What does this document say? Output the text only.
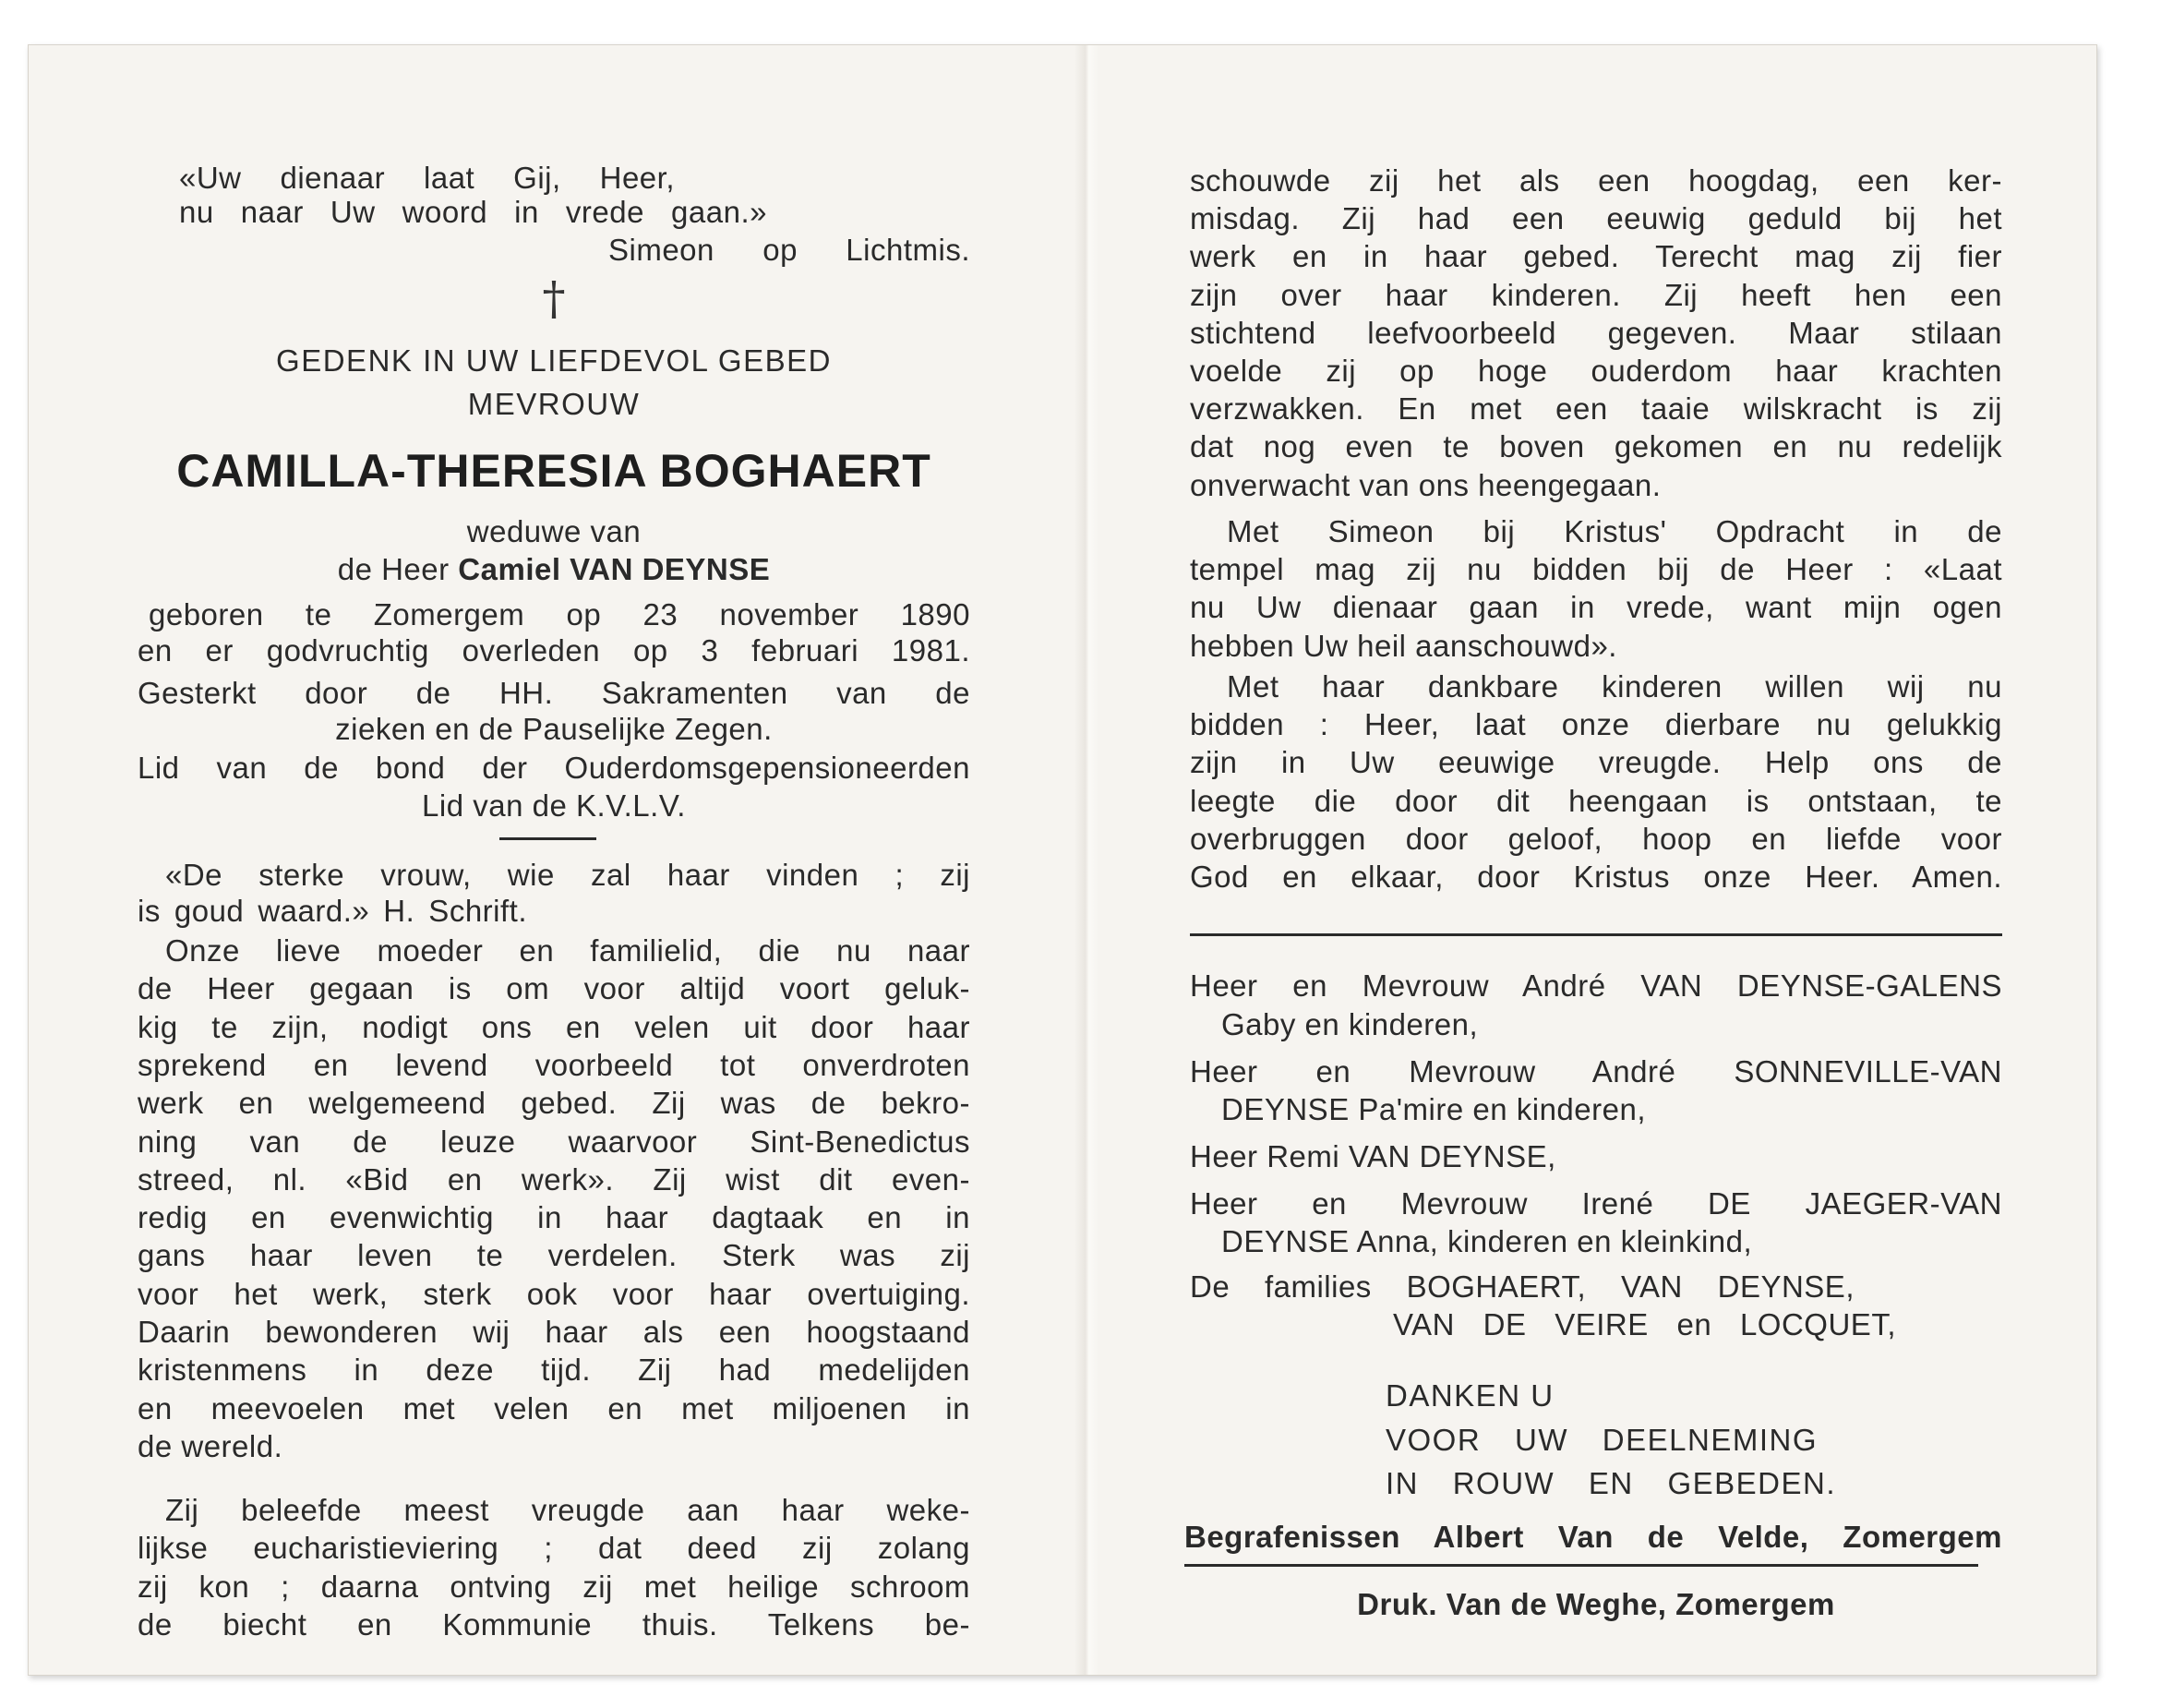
«Uw dienaar laat Gij, Heer,
nu naar Uw woord in vrede gaan.»
Simeon op Lichtmis.
†
GEDENK IN UW LIEFDEVOL GEBED
MEVROUW
CAMILLA-THERESIA BOGHAERT
weduwe van
de Heer Camiel VAN DEYNSE
geboren te Zomergem op 23 november 1890
en er godvruchtig overleden op 3 februari 1981.
Gesterkt door de HH. Sakramenten van de
zieken en de Pauselijke Zegen.
Lid van de bond der Ouderdomsgepensioneerden
Lid van de K.V.L.V.
«De sterke vrouw, wie zal haar vinden ; zij
is goud waard.» H. Schrift.
Onze lieve moeder en familielid, die nu naar
de Heer gegaan is om voor altijd voort geluk-
kig te zijn, nodigt ons en velen uit door haar
sprekend en levend voorbeeld tot onverdroten
werk en welgemeend gebed. Zij was de bekro-
ning van de leuze waarvoor Sint-Benedictus
streed, nl. «Bid en werk». Zij wist dit even-
redig en evenwichtig in haar dagtaak en in
gans haar leven te verdelen. Sterk was zij
voor het werk, sterk ook voor haar overtuiging.
Daarin bewonderen wij haar als een hoogstaand
kristenmens in deze tijd. Zij had medelijden
en meevoelen met velen en met miljoenen in
de wereld.
Zij beleefde meest vreugde aan haar weke-
lijkse eucharistieviering ; dat deed zij zolang
zij kon ; daarna ontving zij met heilige schroom
de biecht en Kommunie thuis. Telkens be-
schouwde zij het als een hoogdag, een ker-
misdag. Zij had een eeuwig geduld bij het
werk en in haar gebed. Terecht mag zij fier
zijn over haar kinderen. Zij heeft hen een
stichtend leefvoorbeeld gegeven. Maar stilaan
voelde zij op hoge ouderdom haar krachten
verzwakken. En met een taaie wilskracht is zij
dat nog even te boven gekomen en nu redelijk
onverwacht van ons heengegaan.
Met Simeon bij Kristus' Opdracht in de
tempel mag zij nu bidden bij de Heer : «Laat
nu Uw dienaar gaan in vrede, want mijn ogen
hebben Uw heil aanschouwd».
Met haar dankbare kinderen willen wij nu
bidden : Heer, laat onze dierbare nu gelukkig
zijn in Uw eeuwige vreugde. Help ons de
leegte die door dit heengaan is ontstaan, te
overbruggen door geloof, hoop en liefde voor
God en elkaar, door Kristus onze Heer. Amen.
Heer en Mevrouw André VAN DEYNSE-GALENS
Gaby en kinderen,
Heer en Mevrouw André SONNEVILLE-VAN
DEYNSE Pa'mire en kinderen,
Heer Remi VAN DEYNSE,
Heer en Mevrouw Irené DE JAEGER-VAN
DEYNSE Anna, kinderen en kleinkind,
De families BOGHAERT, VAN DEYNSE,
VAN DE VEIRE en LOCQUET,
DANKEN U
VOOR UW DEELNEMING
IN ROUW EN GEBEDEN.
Begrafenissen Albert Van de Velde, Zomergem
Druk. Van de Weghe, Zomergem
